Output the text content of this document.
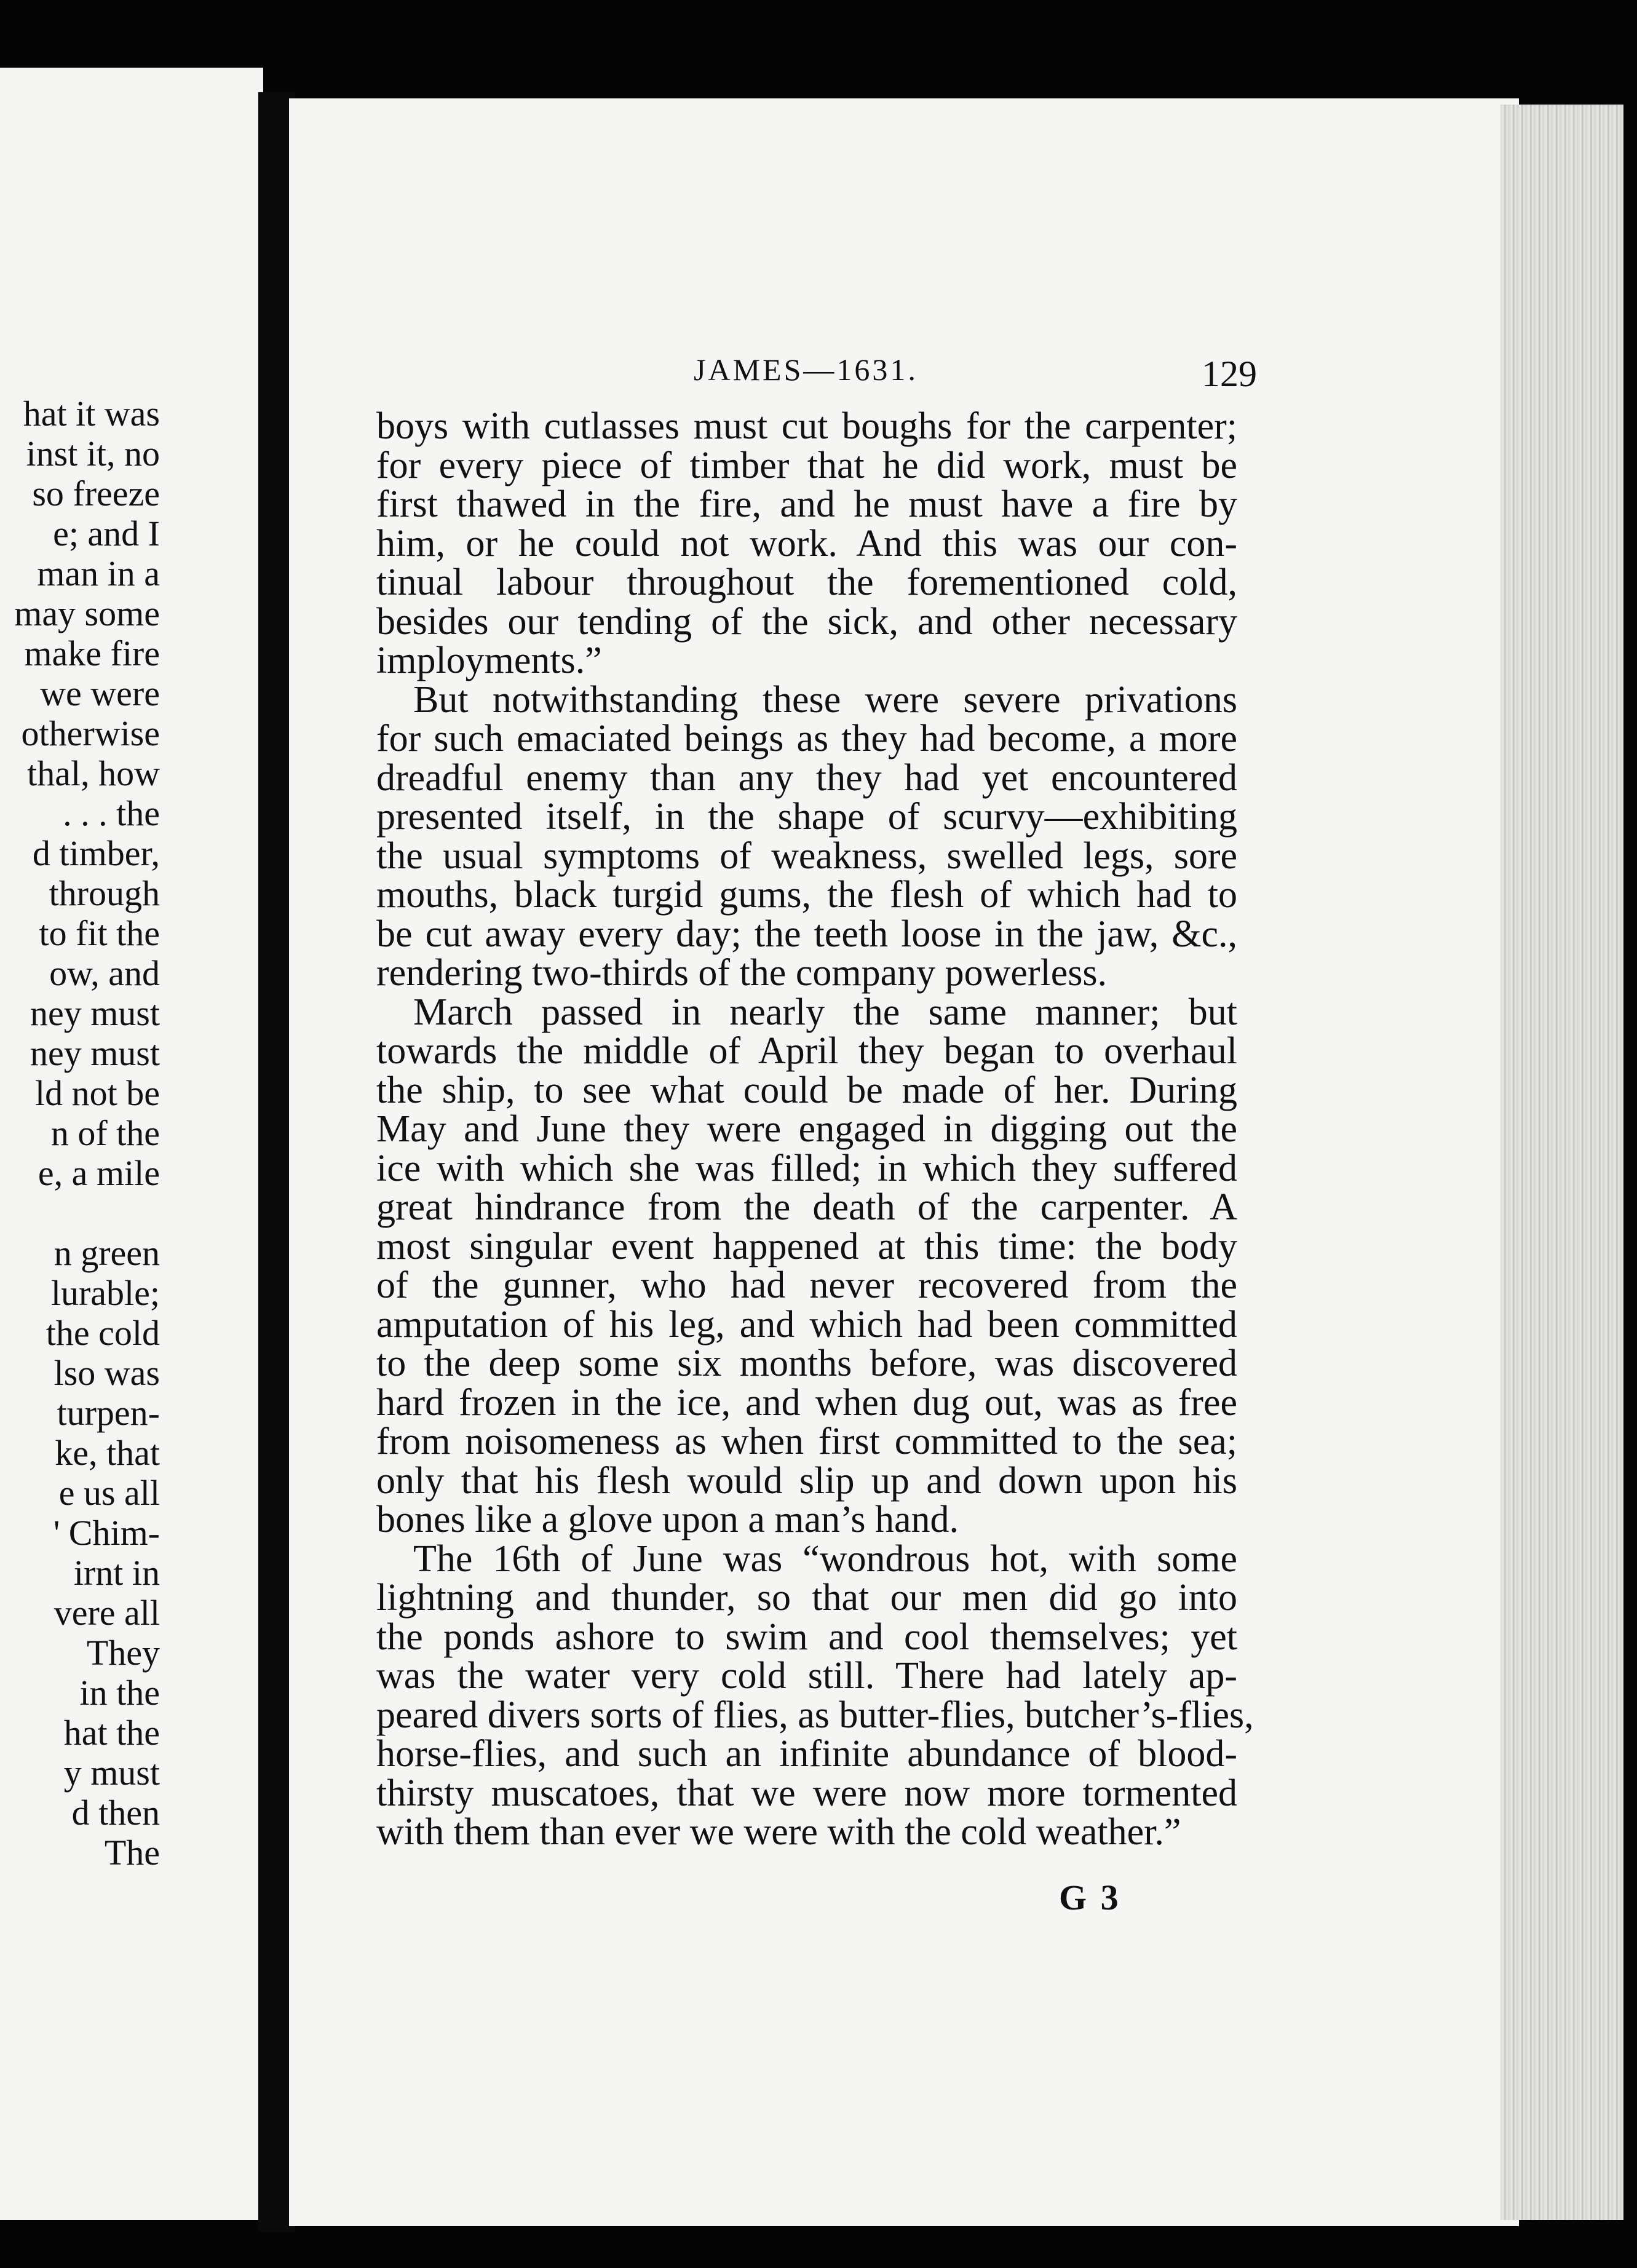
hat it was
inst it, no
so freeze
e; and I
man in a
may some
make fire
we were
otherwise
thal, how
. . . the
d timber,
through
to fit the
ow, and
ney must
ney must
ld not be
n of the
e, a mile
n green
lurable;
the cold
lso was
turpen-
ke, that
e us all
' Chim-
irnt in
vere all
They
in the
hat the
y must
d then
The
JAMES—1631.	129
boys with cutlasses must cut boughs for the carpenter;
for every piece of timber that he did work, must be
first thawed in the fire, and he must have a fire by
him, or he could not work. And this was our con-
tinual labour throughout the forementioned cold,
besides our tending of the sick, and other necessary
imployments.”
But notwithstanding these were severe privations
for such emaciated beings as they had become, a more
dreadful enemy than any they had yet encountered
presented itself, in the shape of scurvy—exhibiting
the usual symptoms of weakness, swelled legs, sore
mouths, black turgid gums, the flesh of which had to
be cut away every day; the teeth loose in the jaw, &c.,
rendering two-thirds of the company powerless.
March passed in nearly the same manner; but
towards the middle of April they began to overhaul
the ship, to see what could be made of her. During
May and June they were engaged in digging out the
ice with which she was filled; in which they suffered
great hindrance from the death of the carpenter. A
most singular event happened at this time: the body
of the gunner, who had never recovered from the
amputation of his leg, and which had been committed
to the deep some six months before, was discovered
hard frozen in the ice, and when dug out, was as free
from noisomeness as when first committed to the sea;
only that his flesh would slip up and down upon his
bones like a glove upon a man’s hand.
The 16th of June was “wondrous hot, with some
lightning and thunder, so that our men did go into
the ponds ashore to swim and cool themselves; yet
was the water very cold still. There had lately ap-
peared divers sorts of flies, as butter-flies, butcher’s-flies,
horse-flies, and such an infinite abundance of blood-
thirsty muscatoes, that we were now more tormented
with them than ever we were with the cold weather.”
G 3
